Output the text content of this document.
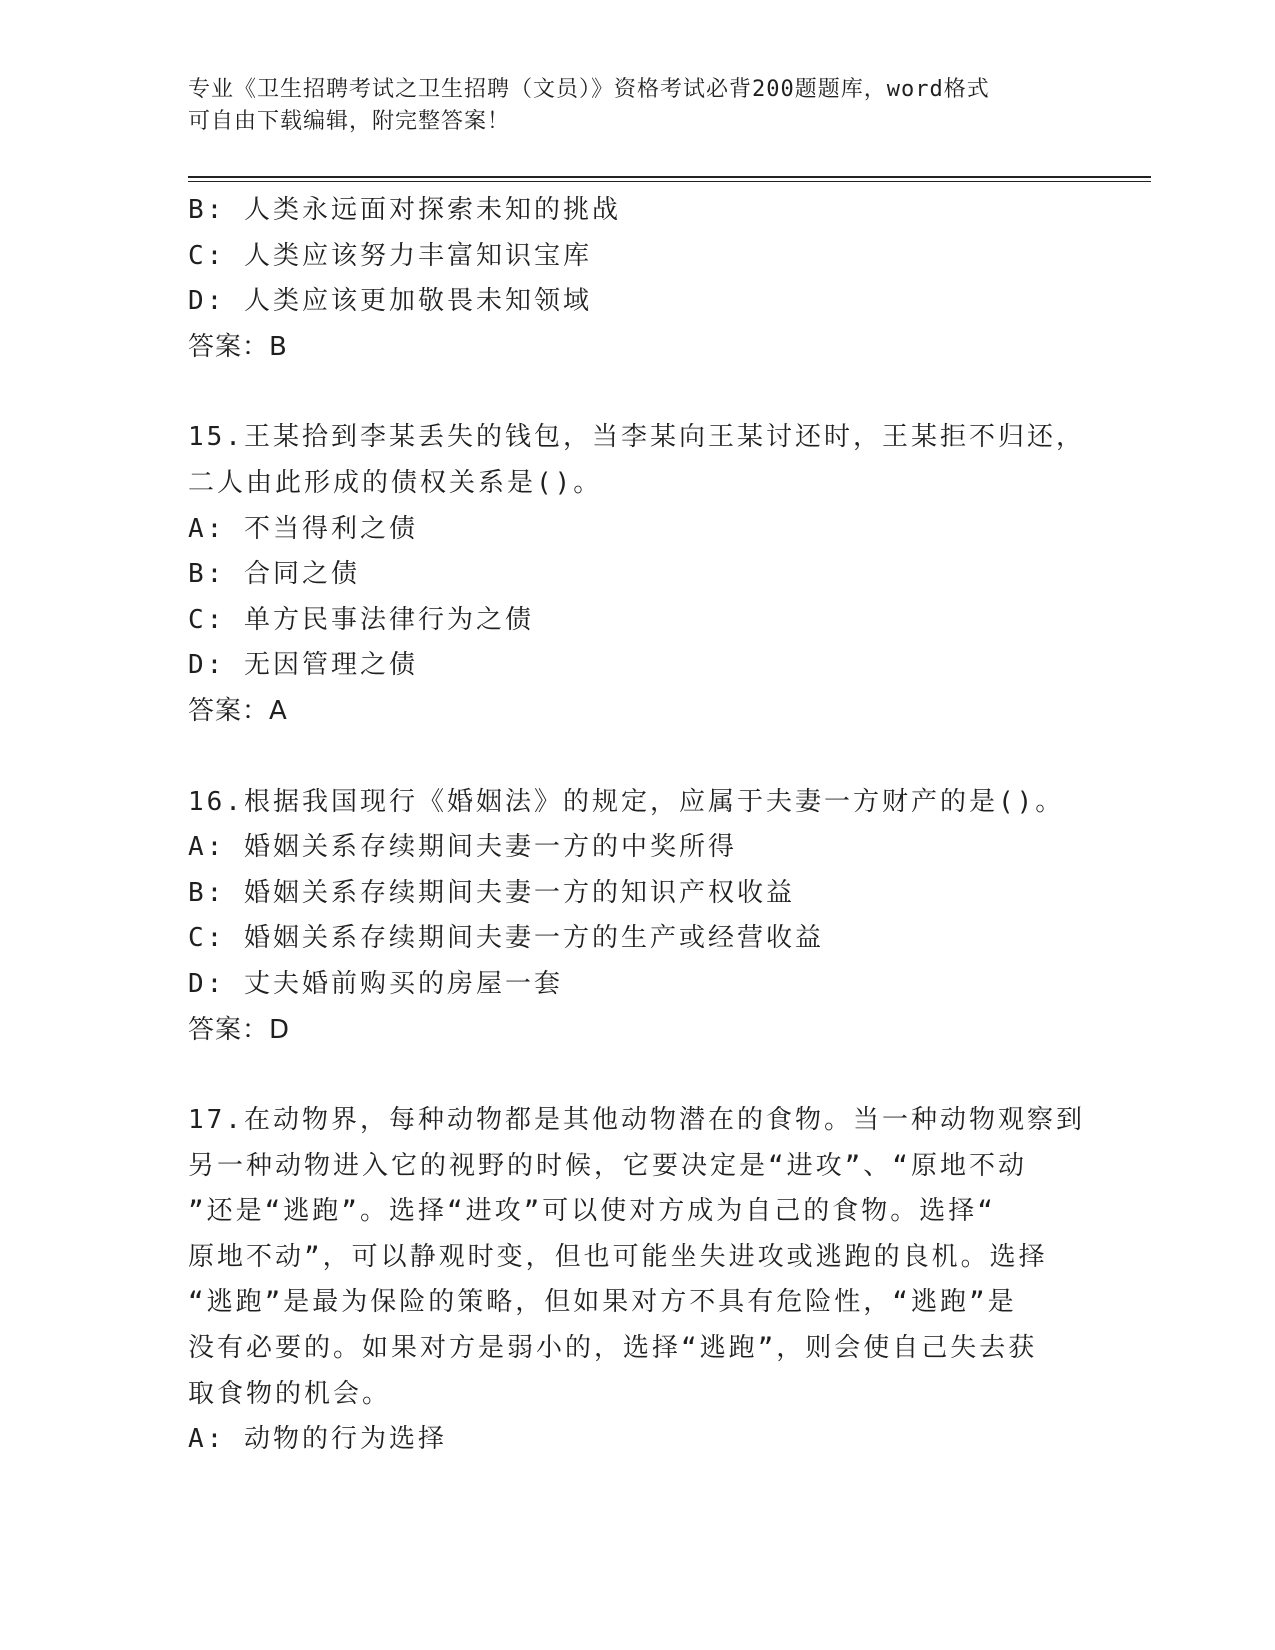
专业《卫生招聘考试之卫生招聘（文员）》资格考试必背200题题库，word格式
可自由下载编辑，附完整答案！
B: 人类永远面对探索未知的挑战
C: 人类应该努力丰富知识宝库
D: 人类应该更加敬畏未知领域
答案：B
15.王某拾到李某丢失的钱包，当李某向王某讨还时，王某拒不归还，
二人由此形成的债权关系是()。
A: 不当得利之债
B: 合同之债
C: 单方民事法律行为之债
D: 无因管理之债
答案：A
16.根据我国现行《婚姻法》的规定，应属于夫妻一方财产的是()。
A: 婚姻关系存续期间夫妻一方的中奖所得
B: 婚姻关系存续期间夫妻一方的知识产权收益
C: 婚姻关系存续期间夫妻一方的生产或经营收益
D: 丈夫婚前购买的房屋一套
答案：D
17.在动物界，每种动物都是其他动物潜在的食物。当一种动物观察到
另一种动物进入它的视野的时候，它要决定是“进攻”、“原地不动
”还是“逃跑”。选择“进攻”可以使对方成为自己的食物。选择“
原地不动”，可以静观时变，但也可能坐失进攻或逃跑的良机。选择
“逃跑”是最为保险的策略，但如果对方不具有危险性，“逃跑”是
没有必要的。如果对方是弱小的，选择“逃跑”，则会使自己失去获
取食物的机会。
A: 动物的行为选择
